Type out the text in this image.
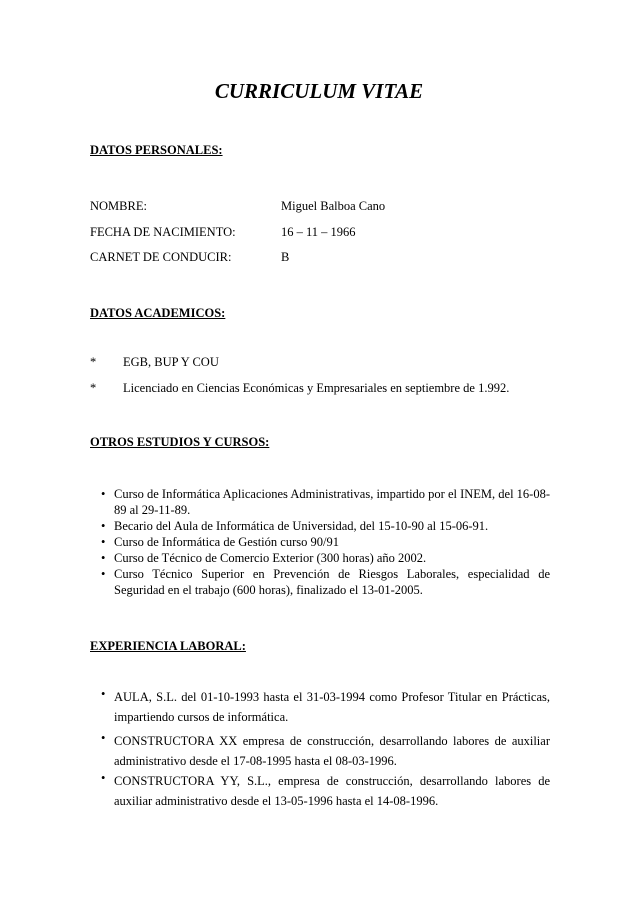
CURRICULUM VITAE
DATOS PERSONALES:
NOMBRE:	Miguel Balboa Cano
FECHA DE NACIMIENTO:	16 – 11 – 1966
CARNET DE CONDUCIR:	B
DATOS ACADEMICOS:
* EGB, BUP Y COU
* Licenciado en Ciencias Económicas y Empresariales en septiembre de 1.992.
OTROS ESTUDIOS Y CURSOS:
• Curso de Informática Aplicaciones Administrativas, impartido por el INEM, del 16-08-89 al 29-11-89.
• Becario del Aula de Informática de Universidad, del 15-10-90 al 15-06-91.
• Curso de Informática de Gestión curso 90/91
• Curso de Técnico de Comercio Exterior (300 horas) año 2002.
• Curso Técnico Superior en Prevención de Riesgos Laborales, especialidad de Seguridad en el trabajo (600 horas), finalizado el 13-01-2005.
EXPERIENCIA LABORAL:
• AULA, S.L. del 01-10-1993 hasta el 31-03-1994 como Profesor Titular en Prácticas, impartiendo cursos de informática.
• CONSTRUCTORA XX empresa de construcción, desarrollando labores de auxiliar administrativo desde el 17-08-1995 hasta el 08-03-1996.
• CONSTRUCTORA YY, S.L., empresa de construcción, desarrollando labores de auxiliar administrativo desde el 13-05-1996 hasta el 14-08-1996.
